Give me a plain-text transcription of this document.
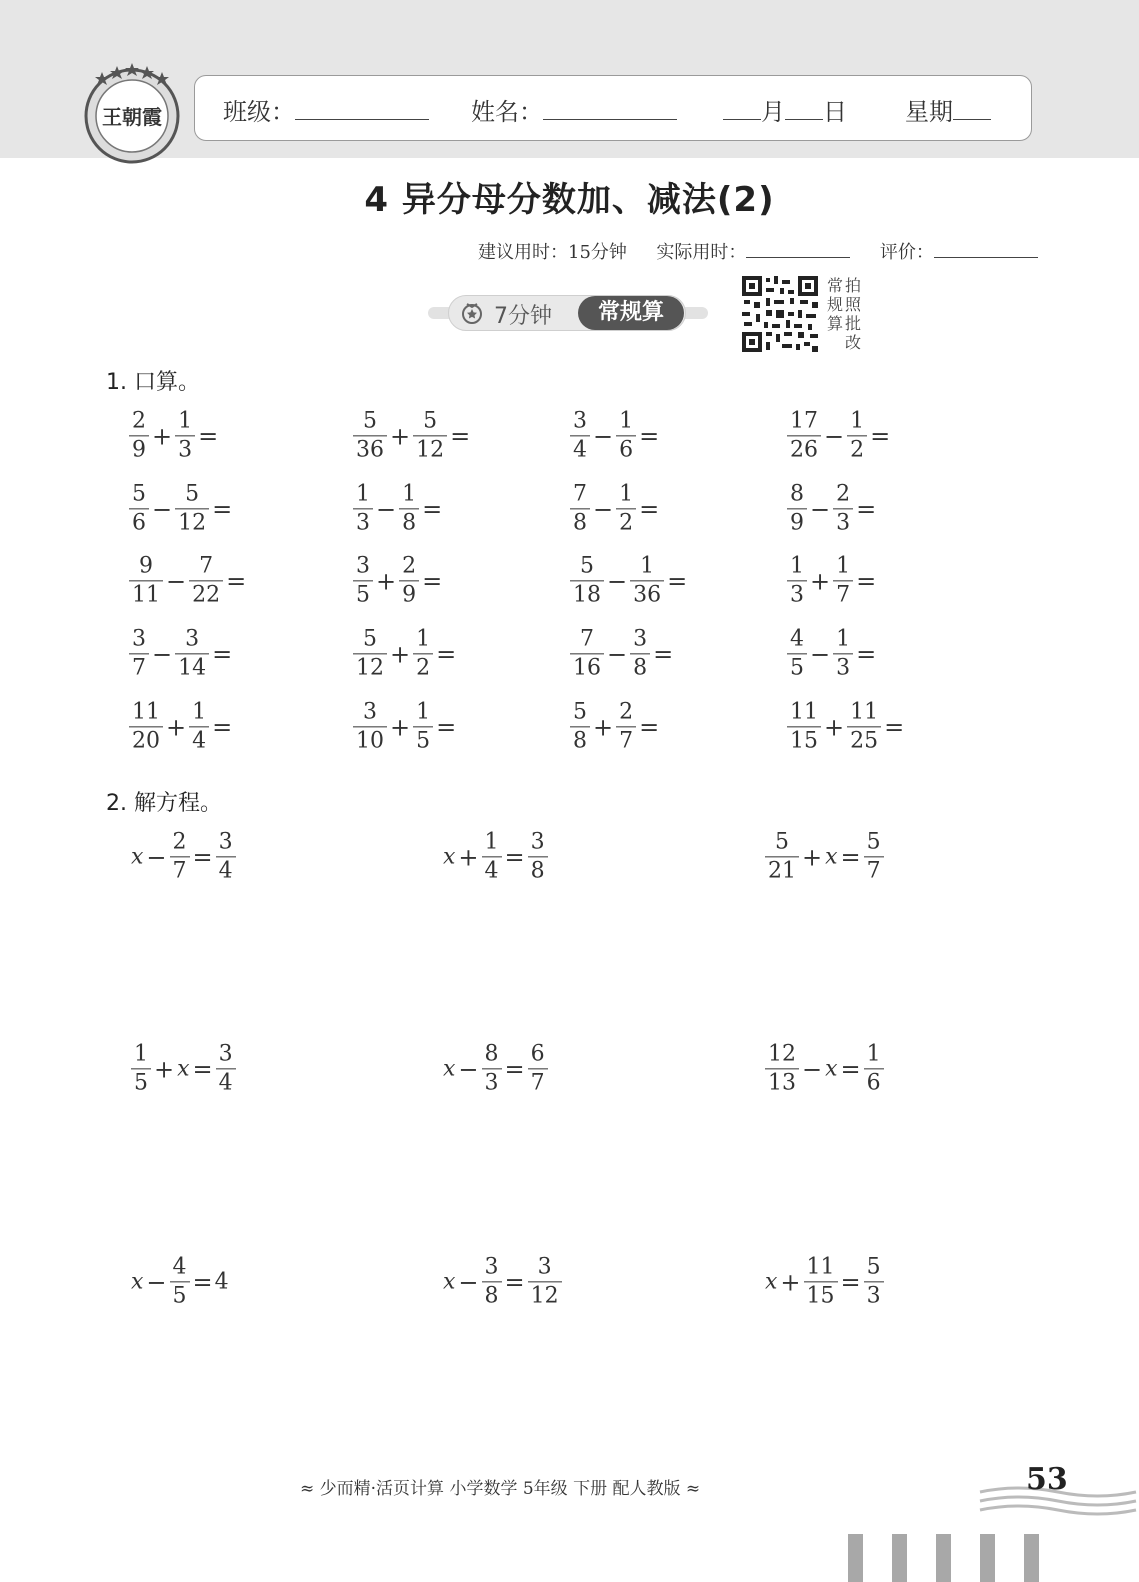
王朝霞	班级：	姓名：	月 日 星期
4 异分母分数加、减法(2)
建议用时：15分钟 实际用时：	评价：
7分钟	常规算
常规算
拍照批改
1. 口算。
$\frac{2}{9} + \frac{1}{3}$ =	$\frac{5}{36} + \frac{5}{12}$ =	$\frac{3}{4} - \frac{1}{6}$ =	$\frac{17}{26} - \frac{1}{2}$ =
$\frac{5}{6} - \frac{5}{12}$ =	$\frac{1}{3} - \frac{1}{8}$ =	$\frac{7}{8} - \frac{1}{2}$ =	$\frac{8}{9} - \frac{2}{3}$ =
$\frac{9}{11} - \frac{7}{22}$ =	$\frac{3}{5} + \frac{2}{9}$ =	$\frac{5}{18} - \frac{1}{36}$ =	$\frac{1}{3} + \frac{1}{7}$ =
$\frac{3}{7} - \frac{3}{14}$ =	$\frac{5}{12} + \frac{1}{2}$ =	$\frac{7}{16} - \frac{3}{8}$ =	$\frac{4}{5} - \frac{1}{3}$ =
$\frac{11}{20} + \frac{1}{4}$ =	$\frac{3}{10} + \frac{1}{5}$ =	$\frac{5}{8} + \frac{2}{7}$ =	$\frac{11}{15} + \frac{11}{25}$ =
2. 解方程。
$x - \frac{2}{7} = \frac{3}{4}$	$x + \frac{1}{4} = \frac{3}{8}$	$\frac{5}{21} + x = \frac{5}{7}$
$\frac{1}{5} + x = \frac{3}{4}$	$x - \frac{8}{3} = \frac{6}{7}$	$\frac{12}{13} - x = \frac{1}{6}$
$x - \frac{4}{5} = 4$	$x - \frac{3}{8} = \frac{3}{12}$	$x + \frac{11}{15} = \frac{5}{3}$
≈ 少而精·活页计算 小学数学 5年级 下册 配人教版 ≈	53
